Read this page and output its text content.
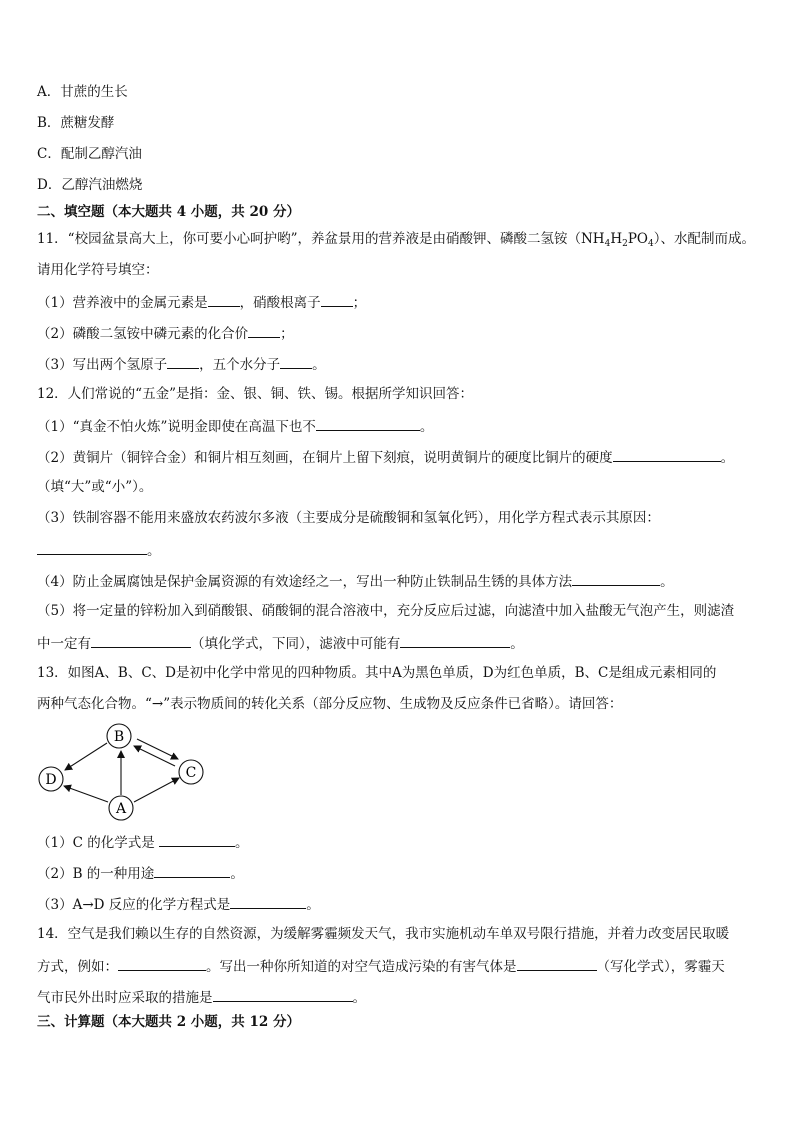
A．甘蔗的生长
B．蔗糖发酵
C．配制乙醇汽油
D．乙醇汽油燃烧
二、填空题（本大题共 4 小题，共 20 分）
11．“校园盆景高大上，你可要小心呵护哟”，养盆景用的营养液是由硝酸钾、磷酸二氢铵$(NH_4H_2PO_4)$、水配制而成。
请用化学符号填空：
（1）营养液中的金属元素是 ，硝酸根离子 ；
（2）磷酸二氢铵中磷元素的化合价 ；
（3）写出两个氢原子 ，五个水分子 。
12．人们常说的“五金”是指：金、银、铜、铁、锡。根据所学知识回答：
（1）“真金不怕火炼”说明金即使在高温下也不	。
（2）黄铜片（铜锌合金）和铜片相互刻画，在铜片上留下刻痕，说明黄铜片的硬度比铜片的硬度	。
（填“大”或“小”）。
（3）铁制容器不能用来盛放农药波尔多液（主要成分是硫酸铜和氢氧化钙），用化学方程式表示其原因：
。
（4）防止金属腐蚀是保护金属资源的有效途经之一，写出一种防止铁制品生锈的具体方法	。
（5）将一定量的锌粉加入到硝酸银、硝酸铜的混合溶液中，充分反应后过滤，向滤渣中加入盐酸无气泡产生，则滤渣
中一定有	（填化学式，下同），滤液中可能有	。
13．如图A、B、C、D是初中化学中常见的四种物质。其中A为黑色单质，D为红色单质，B、C是组成元素相同的
两种气态化合物。“→”表示物质间的转化关系（部分反应物、生成物及反应条件已省略）。请回答：
B
C
D
A
（1）C 的化学式是	。
（2）B 的一种用途	。
（3）A→D 反应的化学方程式是	。
14．空气是我们赖以生存的自然资源，为缓解雾霾频发天气，我市实施机动车单双号限行措施，并着力改变居民取暖
方式，例如：	。写出一种你所知道的对空气造成污染的有害气体是	（写化学式），雾霾天
气市民外出时应采取的措施是	。
三、计算题（本大题共 2 小题，共 12 分）
